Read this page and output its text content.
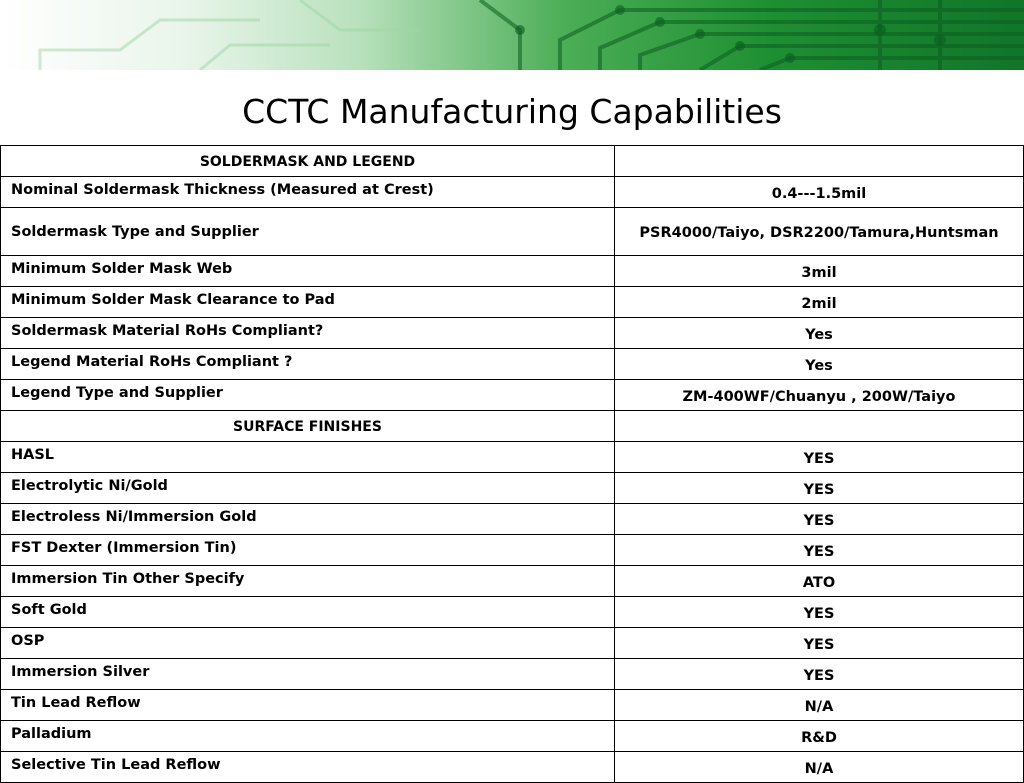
CCTC Manufacturing Capabilities
SOLDERMASK AND LEGEND	
Nominal Soldermask Thickness (Measured at Crest)	0.4---1.5mil
Soldermask Type and Supplier	PSR4000/Taiyo, DSR2200/Tamura,Huntsman
Minimum Solder Mask Web	3mil
Minimum Solder Mask Clearance to Pad	2mil
Soldermask Material RoHs Compliant?	Yes
Legend Material RoHs Compliant ?	Yes
Legend Type and Supplier	ZM-400WF/Chuanyu , 200W/Taiyo
SURFACE FINISHES	
HASL	YES
Electrolytic Ni/Gold	YES
Electroless Ni/Immersion Gold	YES
FST Dexter (Immersion Tin)	YES
Immersion Tin Other Specify	ATO
Soft Gold	YES
OSP	YES
Immersion Silver	YES
Tin Lead Reflow	N/A
Palladium	R&D
Selective Tin Lead Reflow	N/A
